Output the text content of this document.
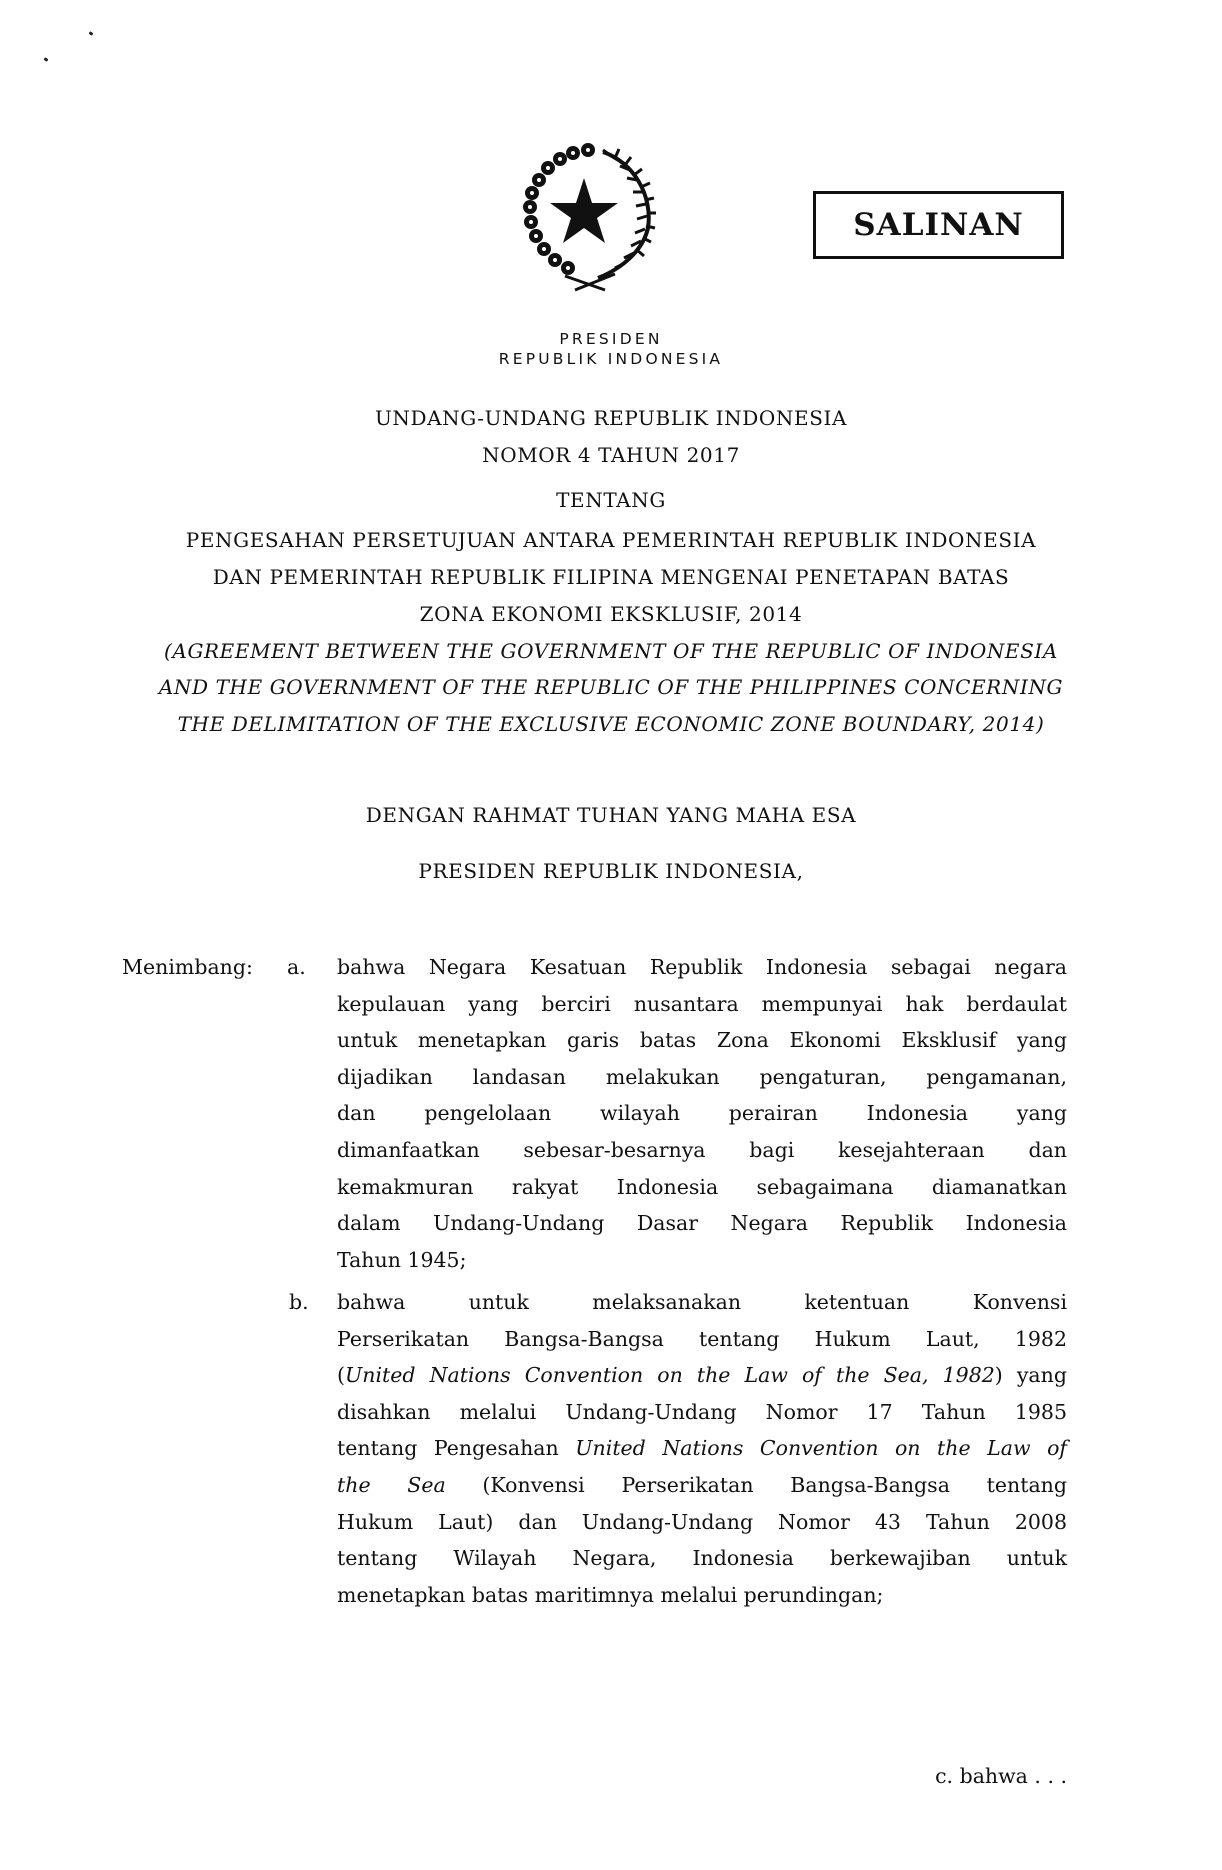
SALINAN
PRESIDEN
REPUBLIK INDONESIA
UNDANG-UNDANG REPUBLIK INDONESIA
NOMOR 4 TAHUN 2017
TENTANG
PENGESAHAN PERSETUJUAN ANTARA PEMERINTAH REPUBLIK INDONESIA
DAN PEMERINTAH REPUBLIK FILIPINA MENGENAI PENETAPAN BATAS
ZONA EKONOMI EKSKLUSIF, 2014
(AGREEMENT BETWEEN THE GOVERNMENT OF THE REPUBLIC OF INDONESIA
AND THE GOVERNMENT OF THE REPUBLIC OF THE PHILIPPINES CONCERNING
THE DELIMITATION OF THE EXCLUSIVE ECONOMIC ZONE BOUNDARY, 2014)
DENGAN RAHMAT TUHAN YANG MAHA ESA
PRESIDEN REPUBLIK INDONESIA,
Menimbang: a. bahwa Negara Kesatuan Republik Indonesia sebagai negara
kepulauan yang berciri nusantara mempunyai hak berdaulat
untuk menetapkan garis batas Zona Ekonomi Eksklusif yang
dijadikan landasan melakukan pengaturan, pengamanan,
dan pengelolaan wilayah perairan Indonesia yang
dimanfaatkan sebesar-besarnya bagi kesejahteraan dan
kemakmuran rakyat Indonesia sebagaimana diamanatkan
dalam Undang-Undang Dasar Negara Republik Indonesia
Tahun 1945;
b. bahwa untuk melaksanakan ketentuan Konvensi
Perserikatan Bangsa-Bangsa tentang Hukum Laut, 1982
(United Nations Convention on the Law of the Sea, 1982) yang
disahkan melalui Undang-Undang Nomor 17 Tahun 1985
tentang Pengesahan United Nations Convention on the Law of
the Sea (Konvensi Perserikatan Bangsa-Bangsa tentang
Hukum Laut) dan Undang-Undang Nomor 43 Tahun 2008
tentang Wilayah Negara, Indonesia berkewajiban untuk
menetapkan batas maritimnya melalui perundingan;
c. bahwa . . .
